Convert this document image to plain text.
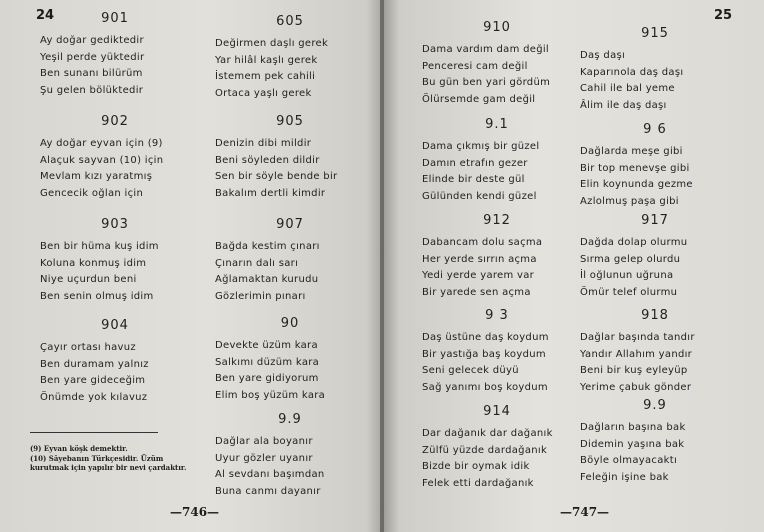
24	901
Ay doğar gediktedir
Yeşil perde yüktedir
Ben sunanı bilürüm
Şu gelen bölüktedir
902
Ay doğar eyvan için (9)
Alaçuk sayvan (10) için
Mevlam kızı yaratmış
Gencecik oğlan için
903
Ben bir hüma kuş idim
Koluna konmuş idim
Niye uçurdun beni
Ben senin olmuş idim
904
Çayır ortası havuz
Ben duramam yalnız
Ben yare gideceğim
Önümde yok kılavuz
(9) Eyvan köşk demektir.
(10) Sâyebanın Türkçesidir. Üzüm kurutmak için yapılır bir nevi çardaktır.
605
Değirmen daşlı gerek
Yar hilâl kaşlı gerek
İstemem pek cahili
Ortaca yaşlı gerek
905
Denizin dibi mildir
Beni söyleden dildir
Sen bir söyle bende bir
Bakalım dertli kimdir
907
Bağda kestim çınarı
Çınarın dalı sarı
Ağlamaktan kurudu
Gözlerimin pınarı
90
Devekte üzüm kara
Salkımı düzüm kara
Ben yare gidiyorum
Elim boş yüzüm kara
9.9
Dağlar ala boyanır
Uyur gözler uyanır
Al sevdanı başımdan
Buna canmı dayanır
—746—
25
910
Dama vardım dam değil
Penceresi cam değil
Bu gün ben yari gördüm
Ölürsemde gam değil
9.1
Dama çıkmış bir güzel
Damın etrafın gezer
Elinde bir deste gül
Gülünden kendi güzel
912
Dabancam dolu saçma
Her yerde sırrın açma
Yedi yerde yarem var
Bir yarede sen açma
9 3
Daş üstüne daş koydum
Bir yastığa baş koydum
Seni gelecek düyü
Sağ yanımı boş koydum
914
Dar dağanık dar dağanık
Zülfü yüzde dardağanık
Bizde bir oymak idik
Felek etti dardağanık
915
Daş daşı
Kaparınola daş daşı
Cahil ile bal yeme
Âlim ile daş daşı
9 6
Dağlarda meşe gibi
Bir top menevşe gibi
Elin koynunda gezme
Azlolmuş paşa gibi
917
Dağda dolap olurmu
Sırma gelep olurdu
İl oğlunun uğruna
Ömür telef olurmu
918
Dağlar başında tandır
Yandır Allahım yandır
Beni bir kuş eyleyüp
Yerime çabuk gönder
9.9
Dağların başına bak
Didemin yaşına bak
Böyle olmayacaktı
Feleğin işine bak
—747—
